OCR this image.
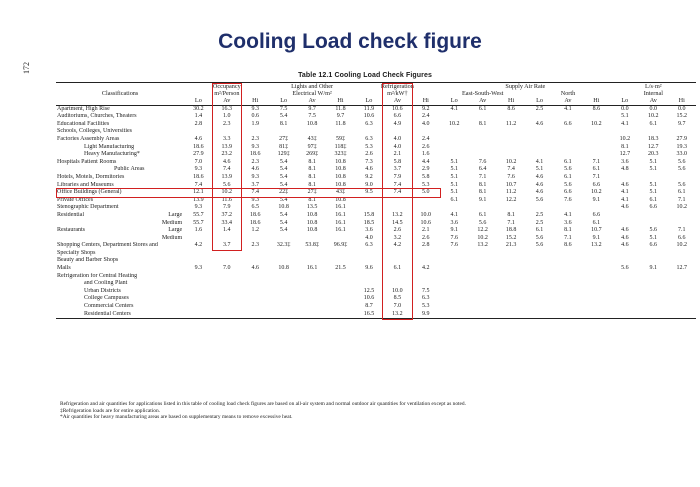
172
Cooling Load check figure
Table 12.1 Cooling Load Check Figures
	Occupancy			Lights and Other			Refrigeration			Supply Air Rate						L/s·m²		
Classifications	m²/Person			Electrical W/m²			m²/kW†			East-South-West			North			Internal		
	Lo	Av	Hi	Lo	Av	Hi	Lo	Av	Hi	Lo	Av	Hi	Lo	Av	Hi	Lo	Av	Hi
Apartment, High Rise	30.2	16.3	9.3	7.5	9.7	11.8	11.9	10.6	9.2	4.1	6.1	8.6	2.5	4.1	8.6	0.0	0.0	0.0
Auditoriums, Churches, Theaters	1.4	1.0	0.6	5.4	7.5	9.7	10.6	6.6	2.4							5.1	10.2	15.2
Educational Facilities	2.8	2.3	1.9	8.1	10.8	11.8	6.3	4.9	4.0	10.2	8.1	11.2	4.6	6.6	10.2	4.1	6.1	9.7
Schools, Colleges, Universities																		
Factories Assembly Areas	4.6	3.3	2.3	27‡	43‡	59‡	6.3	4.0	2.4							10.2	18.3	27.9
Light Manufacturing	18.6	13.9	9.3	81‡	97‡	118‡	5.3	4.0	2.6							8.1	12.7	19.3
Heavy Manufacturing*	27.9	23.2	18.6	129‡	269‡	323‡	2.6	2.1	1.6							12.7	20.3	33.0
Hospitals Patient Rooms	7.0	4.6	2.3	5.4	8.1	10.8	7.3	5.8	4.4	5.1	7.6	10.2	4.1	6.1	7.1	3.6	5.1	5.6
Public Areas	9.3	7.4	4.6	5.4	8.1	10.8	4.6	3.7	2.9	5.1	6.4	7.4	5.1	5.6	6.1	4.8	5.1	5.6
Hotels, Motels, Dormitories	18.6	13.9	9.3	5.4	8.1	10.8	9.2	7.9	5.8	5.1	7.1	7.6	4.6	6.1	7.1			
Libraries and Museums	7.4	5.6	3.7	5.4	8.1	10.8	9.0	7.4	5.3	5.1	8.1	10.7	4.6	5.6	6.6	4.6	5.1	5.6
Office Buildings (General)	12.1	10.2	7.4	22‡	27‡	43‡	9.5	7.4	5.0	5.1	8.1	11.2	4.6	6.6	10.2	4.1	5.1	6.1
Private Offices	13.9	11.6	9.3	5.4	8.1	10.8				6.1	9.1	12.2	5.6	7.6	9.1	4.1	6.1	7.1
Stenographic Department	9.3	7.9	6.5	10.8	13.5	16.1										4.6	6.6	10.2
Residential Large	55.7	37.2	18.6	5.4	10.8	16.1	15.8	13.2	10.0	4.1	6.1	8.1	2.5	4.1	6.6			

Medium	55.7	33.4	18.6	5.4	10.8	16.1	18.5	14.5	10.6	3.6	5.6	7.1	2.5	3.6	6.1			
Restaurants Large	1.6	1.4	1.2	5.4	10.8	16.1	3.6	2.6	2.1	9.1	12.2	18.8	6.1	8.1	10.7	4.6	5.6	7.1

Medium							4.0	3.2	2.6	7.6	10.2	15.2	5.6	7.1	9.1	4.6	5.1	6.6
Shopping Centers, Department Stores and	4.2	3.7	2.3	32.3‡	53.8‡	96.9‡	6.3	4.2	2.8	7.6	13.2	21.3	5.6	8.6	13.2	4.6	6.6	10.2
Specialty Shops																		
Beauty and Barber Shops																		
Malls	9.3	7.0	4.6	10.8	16.1	21.5	9.6	6.1	4.2							5.6	9.1	12.7
Refrigeration for Central Heating																		
and Cooling Plant																		
Urban Districts							12.5	10.0	7.5									
College Campuses							10.6	8.5	6.3									
Commercial Centers							8.7	7.0	5.3									
Residential Centers							16.5	13.2	9.9									
Refrigeration and air quantities for applications listed in this table of cooling load check figures are based on all-air system and normal outdoor air quantities for ventilation except as noted.
‡Refrigeration loads are for entire application.
*Air quantities for heavy manufacturing areas are based on supplementary means to remove excessive heat.
